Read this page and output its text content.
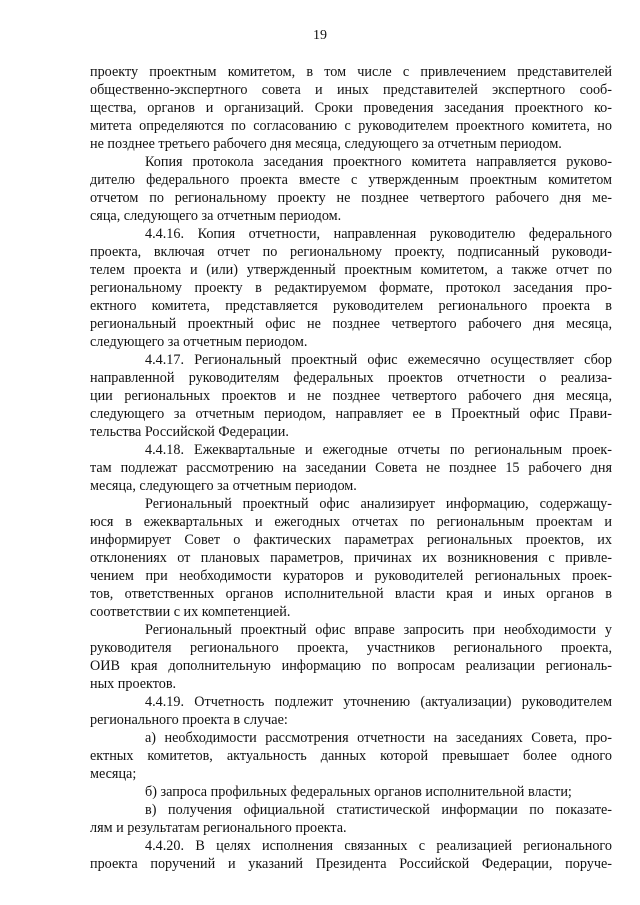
19
проекту проектным комитетом, в том числе с привлечением представителей
общественно-экспертного совета и иных представителей экспертного сооб-
щества, органов и организаций. Сроки проведения заседания проектного ко-
митета определяются по согласованию с руководителем проектного комитета, но
не позднее третьего рабочего дня месяца, следующего за отчетным периодом.
Копия протокола заседания проектного комитета направляется руково-
дителю федерального проекта вместе с утвержденным проектным комитетом
отчетом по региональному проекту не позднее четвертого рабочего дня ме-
сяца, следующего за отчетным периодом.
4.4.16. Копия отчетности, направленная руководителю федерального
проекта, включая отчет по региональному проекту, подписанный руководи-
телем проекта и (или) утвержденный проектным комитетом, а также отчет по
региональному проекту в редактируемом формате, протокол заседания про-
ектного комитета, представляется руководителем регионального проекта в
региональный проектный офис не позднее четвертого рабочего дня месяца,
следующего за отчетным периодом.
4.4.17. Региональный проектный офис ежемесячно осуществляет сбор
направленной руководителям федеральных проектов отчетности о реализа-
ции региональных проектов и не позднее четвертого рабочего дня месяца,
следующего за отчетным периодом, направляет ее в Проектный офис Прави-
тельства Российской Федерации.
4.4.18. Ежеквартальные и ежегодные отчеты по региональным проек-
там подлежат рассмотрению на заседании Совета не позднее 15 рабочего дня
месяца, следующего за отчетным периодом.
Региональный проектный офис анализирует информацию, содержащу-
юся в ежеквартальных и ежегодных отчетах по региональным проектам и
информирует Совет о фактических параметрах региональных проектов, их
отклонениях от плановых параметров, причинах их возникновения с привле-
чением при необходимости кураторов и руководителей региональных проек-
тов, ответственных органов исполнительной власти края и иных органов в
соответствии с их компетенцией.
Региональный проектный офис вправе запросить при необходимости у
руководителя регионального проекта, участников регионального проекта,
ОИВ края дополнительную информацию по вопросам реализации региональ-
ных проектов.
4.4.19. Отчетность подлежит уточнению (актуализации) руководителем
регионального проекта в случае:
а) необходимости рассмотрения отчетности на заседаниях Совета, про-
ектных комитетов, актуальность данных которой превышает более одного
месяца;
б) запроса профильных федеральных органов исполнительной власти;
в) получения официальной статистической информации по показате-
лям и результатам регионального проекта.
4.4.20. В целях исполнения связанных с реализацией регионального
проекта поручений и указаний Президента Российской Федерации, поруче-
